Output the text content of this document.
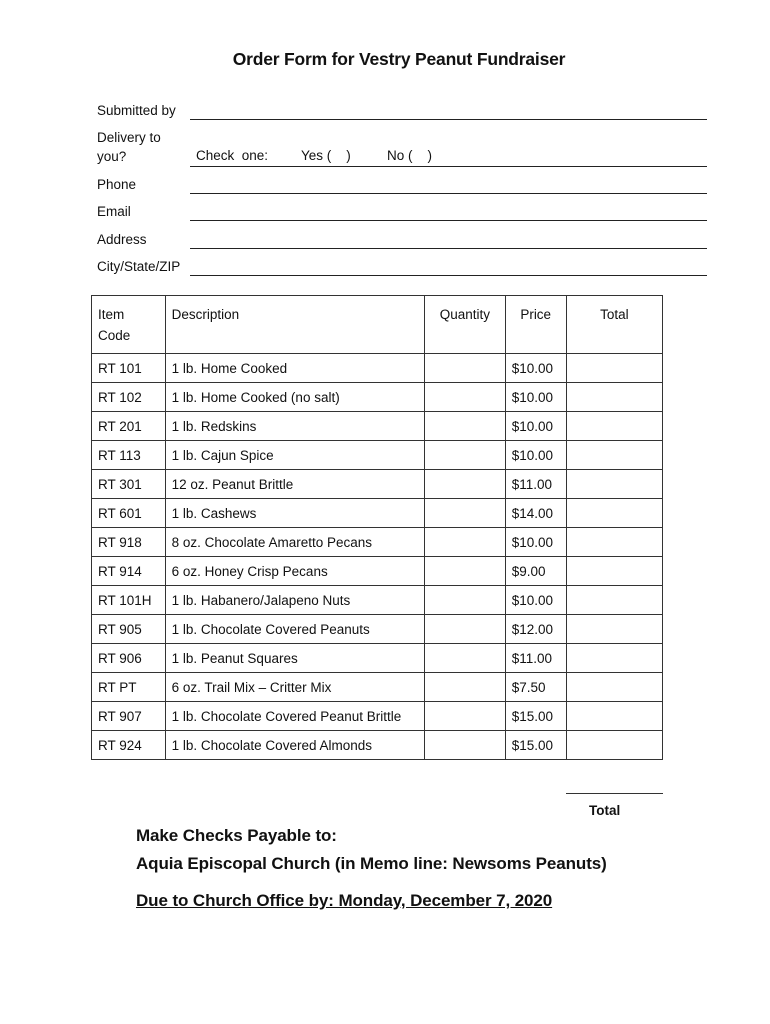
Order Form for Vestry Peanut Fundraiser
Submitted by
Delivery to
you?	Check  one: Yes (    )	No (    )
Phone
Email
Address
City/State/ZIP
Item
Code	Description	Quantity	Price	Total
RT 101	1 lb. Home Cooked		$10.00	
RT 102	1 lb. Home Cooked (no salt)		$10.00	
RT 201	1 lb. Redskins		$10.00	
RT 113	1 lb. Cajun Spice		$10.00	
RT 301	12 oz. Peanut Brittle		$11.00	
RT 601	1 lb. Cashews		$14.00	
RT 918	8 oz. Chocolate Amaretto Pecans		$10.00	
RT 914	6 oz. Honey Crisp Pecans		$9.00	
RT 101H	1 lb. Habanero/Jalapeno Nuts		$10.00	
RT 905	1 lb. Chocolate Covered Peanuts		$12.00	
RT 906	1 lb. Peanut Squares		$11.00	
RT PT	6 oz. Trail Mix – Critter Mix		$7.50	
RT 907	1 lb. Chocolate Covered Peanut Brittle		$15.00	
RT 924	1 lb. Chocolate Covered Almonds		$15.00	
Total
Make Checks Payable to:
Aquia Episcopal Church (in Memo line: Newsoms Peanuts)
Due to Church Office by: Monday, December 7, 2020
